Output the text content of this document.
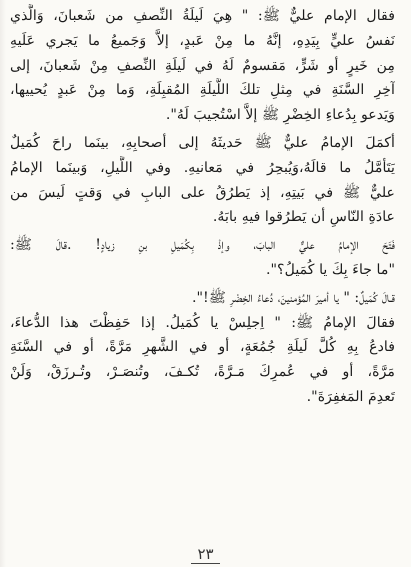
فقال الإمام عليٌّ ﷺ: " هِيَ لَيلَةُ النِّصفِ من شَعبانَ، وَالَّذي
نَفسُ عليٍّ بِيَدِهِ، إنَّهُ ما مِنْ عَبدٍ، إلاَّ وَجَميعُ ما يَجري عَلَيهِ
مِن خَيرٍ أو شَرٍّ، مَقسومٌ لَهُ في لَيلَةِ النِّصفِ مِنْ شَعبانَ، إلى
آخِرِ السَّنَةِ في مِثلِ تلكَ اللَّيلَةِ المُقبِلَةِ، وَما مِنْ عَبدٍ يُحييها،
وَيَدعو بِدُعاءِ الخِضْرِ ﷺ إلاَّ اسْتُجيبَ لَهُ".
أكمَلَ الإمامُ عليٌّ ﷺ حَديثَهُ إلى أصحابِهِ، بينَما راحَ كُمَيلٌ
يَتَأمَّلُ ما قالَهُ،وَيُبحِرُ في مَعانيهِ. وفي اللَّيلِ، وَبينَما الإمامُ
عليٌّ ﷺ في بَيتِهِ، إذ يَطرُقُ على البابِ في وَقتٍ لَيسَ من
عادَةِ النّاسِ أن يَطرُقوا فيهِ بابَهُ.
فَتَحَ الإمامُ عليٌّ البابَ، وإذْ بِكُمَيلِ بنِ زيادٍ! .قالَ ﷺ:
"ما جاءَ بِكَ يا كُمَيلُ؟".
قـالَ كُمَيلٌ: " يا أميرَ المُؤمنينَ، دُعاءُ الخِضْرِ ﷺ!".
فقالَ الإمامُ ﷺ: " اِجلِسْ يا كُمَيلُ. إذا حَفِظْتَ هذا الدُّعاءَ،
فادعُ بِهِ كُلَّ لَيلَةِ جُمُعَةٍ، أو في الشَّهرِ مَرَّةً، أو في السَّنَةِ
مَرَّةً، أو في عُمرِكَ مَـرَّةً، تُكـفَ، وتُنصَـرْ، وتُـرزَقْ، وَلَنْ
تَعدِمَ المَغفِرَةَ".
٢٣
